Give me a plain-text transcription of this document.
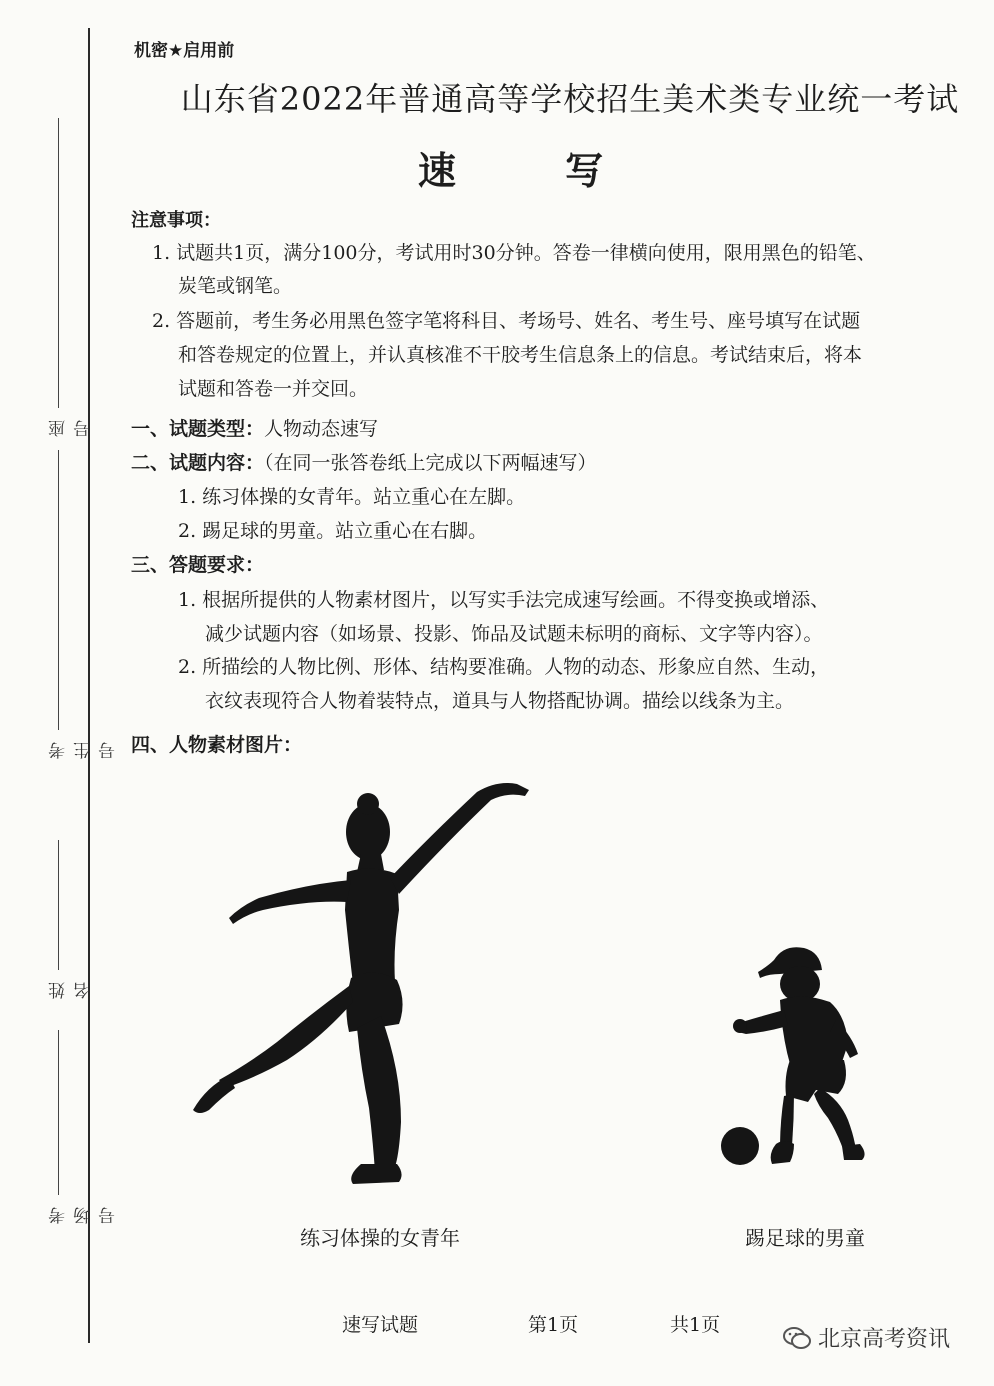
座号
考生号
姓名
考场号
机密★启用前
山东省2022年普通高等学校招生美术类专业统一考试
速 写
注意事项：
1. 试题共1页，满分100分，考试用时30分钟。答卷一律横向使用，限用黑色的铅笔、
炭笔或钢笔。
2. 答题前，考生务必用黑色签字笔将科目、考场号、姓名、考生号、座号填写在试题
和答卷规定的位置上，并认真核准不干胶考生信息条上的信息。考试结束后，将本
试题和答卷一并交回。
一、试题类型：人物动态速写
二、试题内容：（在同一张答卷纸上完成以下两幅速写）
1. 练习体操的女青年。站立重心在左脚。
2. 踢足球的男童。站立重心在右脚。
三、答题要求：
1. 根据所提供的人物素材图片，以写实手法完成速写绘画。不得变换或增添、
减少试题内容（如场景、投影、饰品及试题未标明的商标、文字等内容）。
2. 所描绘的人物比例、形体、结构要准确。人物的动态、形象应自然、生动，
衣纹表现符合人物着装特点，道具与人物搭配协调。描绘以线条为主。
四、人物素材图片：
练习体操的女青年	踢足球的男童
速写试题	第1页	共1页
北京高考资讯
